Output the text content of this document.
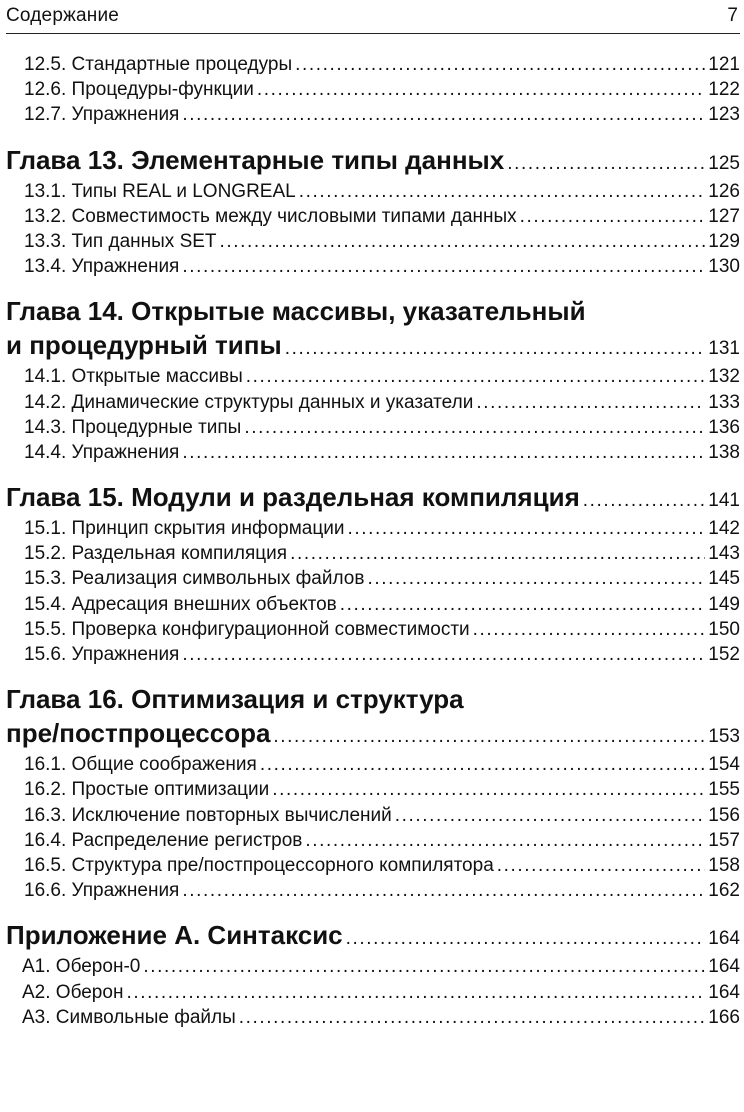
Содержание	7
12.5. Стандартные процедуры .....	121
12.6. Процедуры-функции .....	122
12.7. Упражнения .....	123
Глава 13. Элементарные типы данных .....	125
13.1. Типы REAL и LONGREAL .....	126
13.2. Совместимость между числовыми типами данных .....	127
13.3. Тип данных SET .....	129
13.4. Упражнения .....	130
Глава 14. Открытые массивы, указательный
и процедурный типы .....	131
14.1. Открытые массивы .....	132
14.2. Динамические структуры данных и указатели .....	133
14.3. Процедурные типы .....	136
14.4. Упражнения .....	138
Глава 15. Модули и раздельная компиляция .....	141
15.1. Принцип скрытия информации .....	142
15.2. Раздельная компиляция .....	143
15.3. Реализация символьных файлов .....	145
15.4. Адресация внешних объектов .....	149
15.5. Проверка конфигурационной совместимости .....	150
15.6. Упражнения .....	152
Глава 16. Оптимизация и структура
пре/постпроцессора .....	153
16.1. Общие соображения .....	154
16.2. Простые оптимизации .....	155
16.3. Исключение повторных вычислений .....	156
16.4. Распределение регистров .....	157
16.5. Структура пре/постпроцессорного компилятора .....	158
16.6. Упражнения .....	162
Приложение А. Синтаксис .....	164
А1. Оберон-0 .....	164
А2. Оберон .....	164
А3. Символьные файлы .....	166
